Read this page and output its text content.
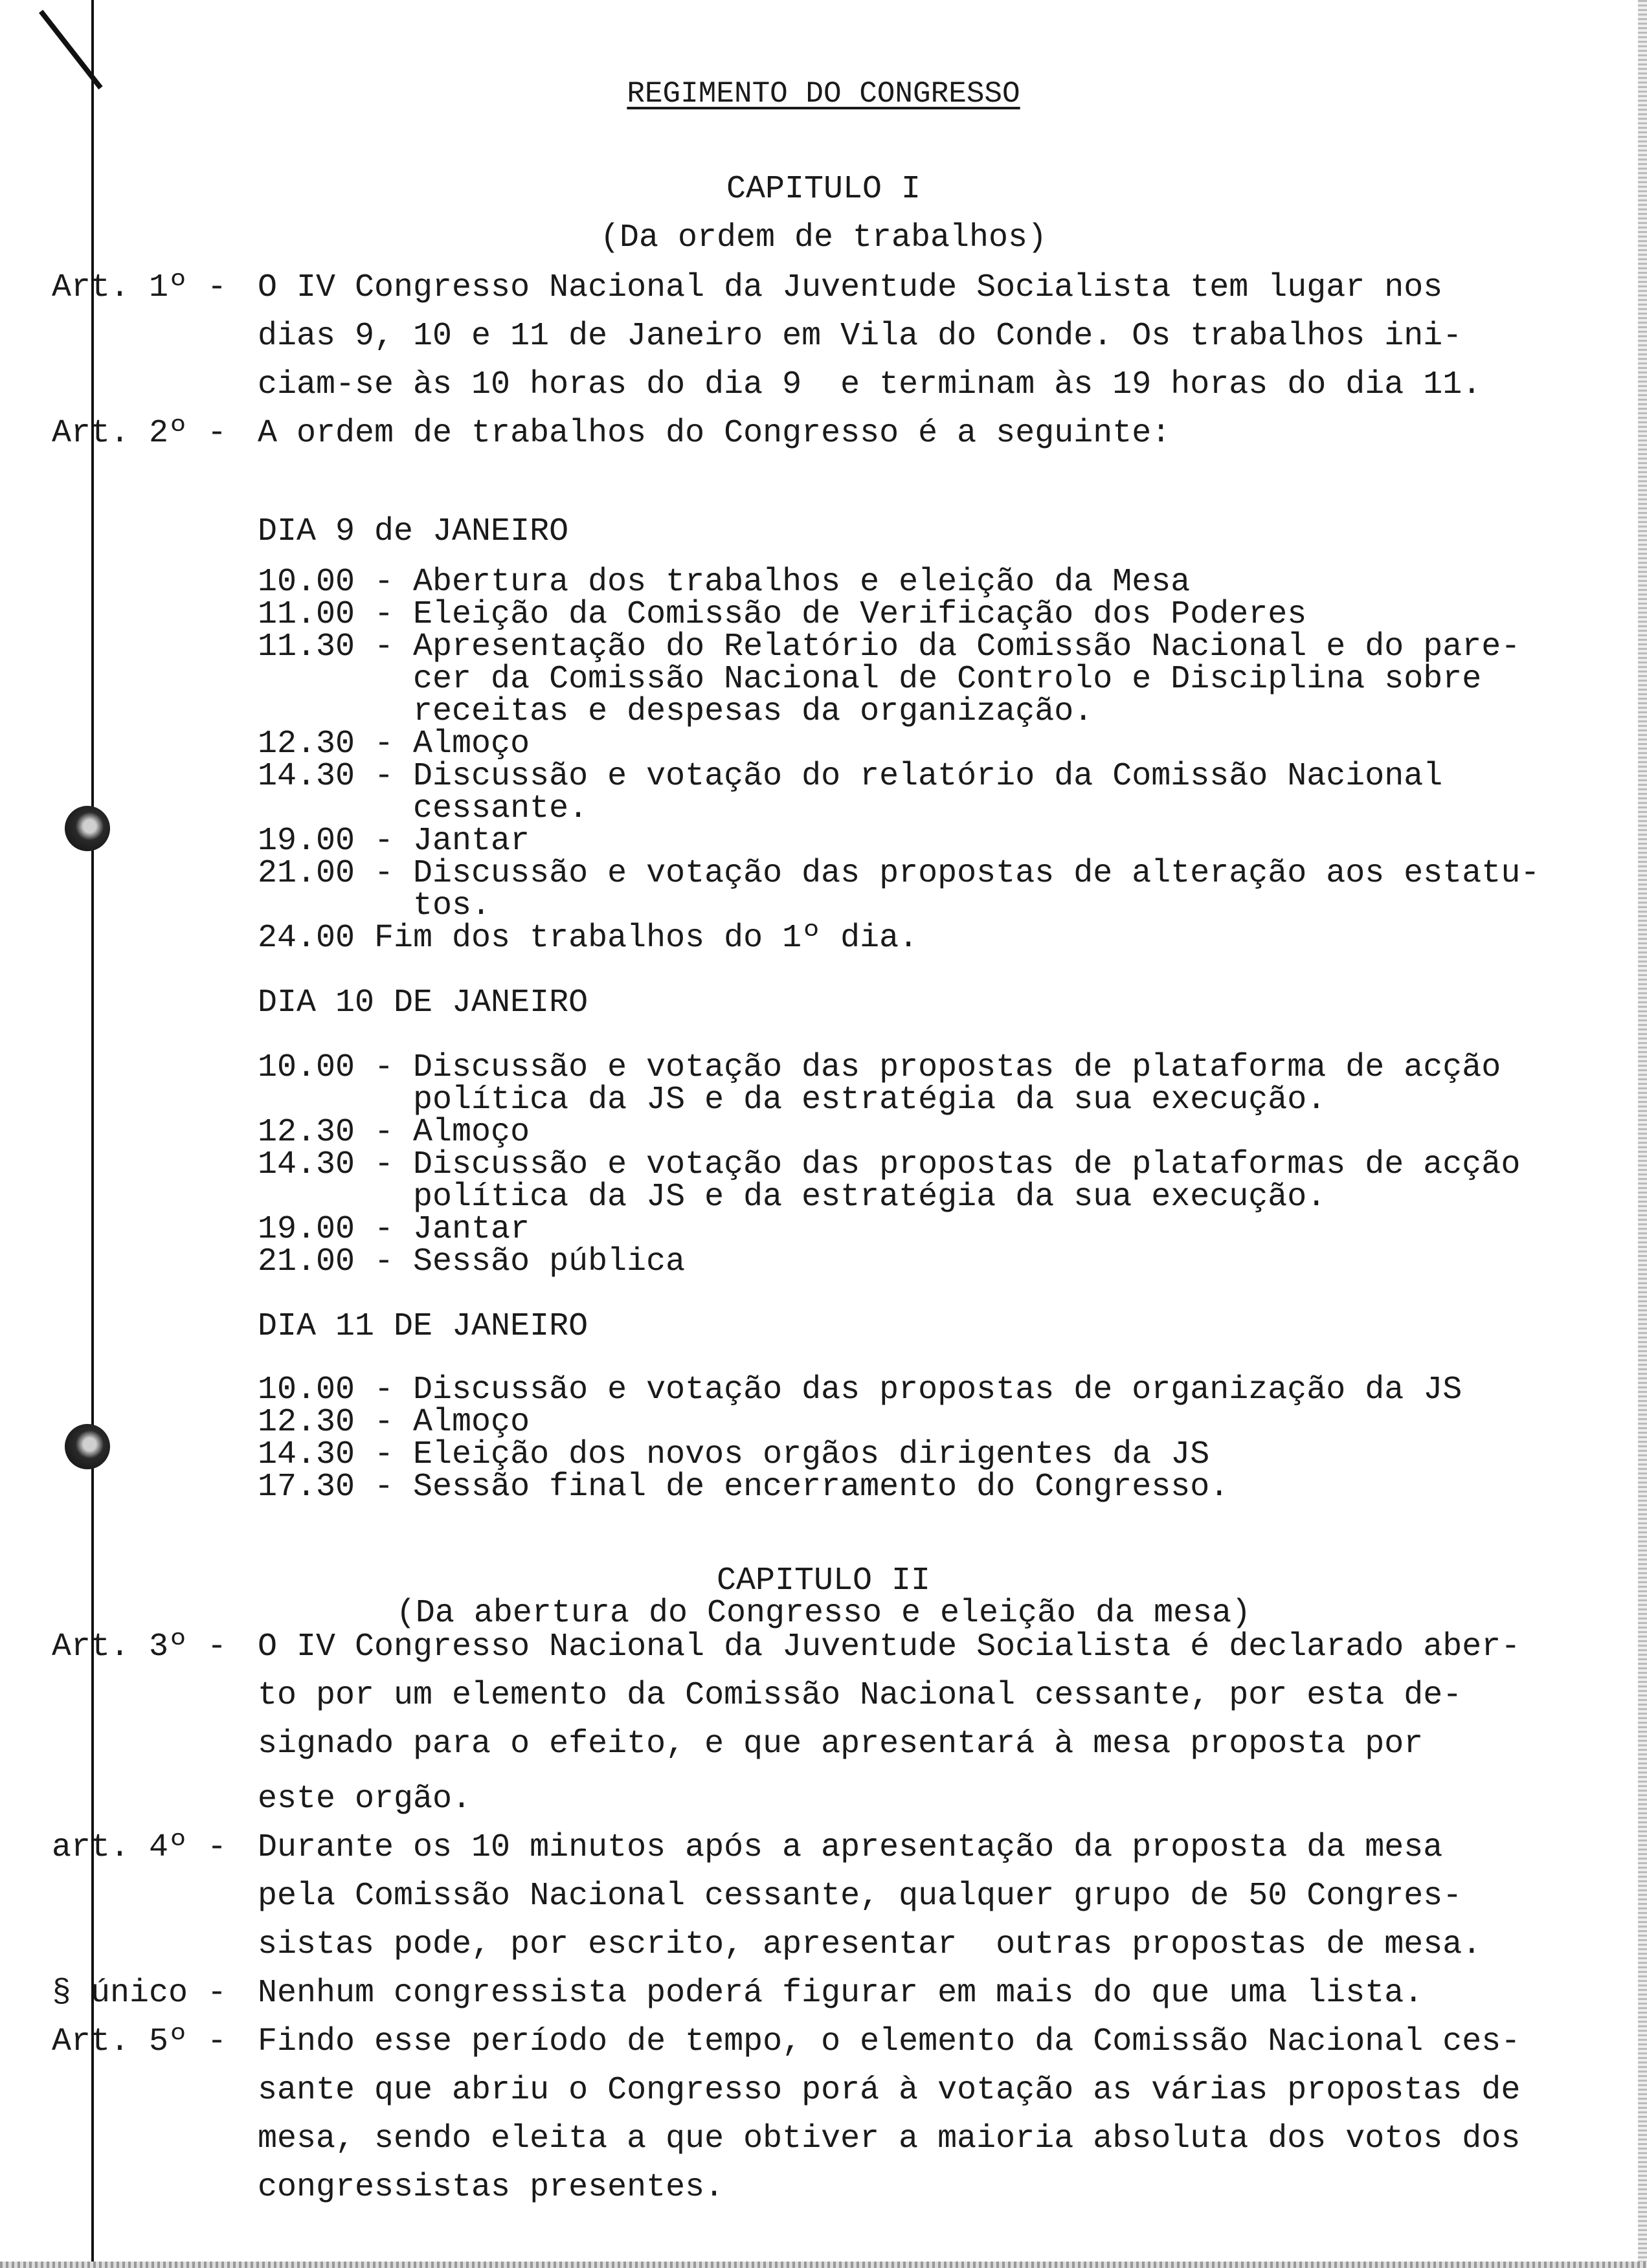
REGIMENTO DO CONGRESSO
CAPITULO I
(Da ordem de trabalhos)
Art. 1º - O IV Congresso Nacional da Juventude Socialista tem lugar nos
dias 9, 10 e 11 de Janeiro em Vila do Conde. Os trabalhos ini-
ciam-se às 10 horas do dia 9  e terminam às 19 horas do dia 11.
Art. 2º - A ordem de trabalhos do Congresso é a seguinte:
DIA 9 de JANEIRO
10.00 - Abertura dos trabalhos e eleição da Mesa
11.00 - Eleição da Comissão de Verificação dos Poderes
11.30 - Apresentação do Relatório da Comissão Nacional e do pare-
cer da Comissão Nacional de Controlo e Disciplina sobre
receitas e despesas da organização.
12.30 - Almoço
14.30 - Discussão e votação do relatório da Comissão Nacional
cessante.
19.00 - Jantar
21.00 - Discussão e votação das propostas de alteração aos estatu-
tos.
24.00 Fim dos trabalhos do 1º dia.
DIA 10 DE JANEIRO
10.00 - Discussão e votação das propostas de plataforma de acção
política da JS e da estratégia da sua execução.
12.30 - Almoço
14.30 - Discussão e votação das propostas de plataformas de acção
política da JS e da estratégia da sua execução.
19.00 - Jantar
21.00 - Sessão pública
DIA 11 DE JANEIRO
10.00 - Discussão e votação das propostas de organização da JS
12.30 - Almoço
14.30 - Eleição dos novos orgãos dirigentes da JS
17.30 - Sessão final de encerramento do Congresso.
CAPITULO II
(Da abertura do Congresso e eleição da mesa)
Art. 3º - O IV Congresso Nacional da Juventude Socialista é declarado aber-
to por um elemento da Comissão Nacional cessante, por esta de-
signado para o efeito, e que apresentará à mesa proposta por
este orgão.
art. 4º - Durante os 10 minutos após a apresentação da proposta da mesa
pela Comissão Nacional cessante, qualquer grupo de 50 Congres-
sistas pode, por escrito, apresentar  outras propostas de mesa.
§ único - Nenhum congressista poderá figurar em mais do que uma lista.
Art. 5º - Findo esse período de tempo, o elemento da Comissão Nacional ces-
sante que abriu o Congresso porá à votação as várias propostas de
mesa, sendo eleita a que obtiver a maioria absoluta dos votos dos
congressistas presentes.
